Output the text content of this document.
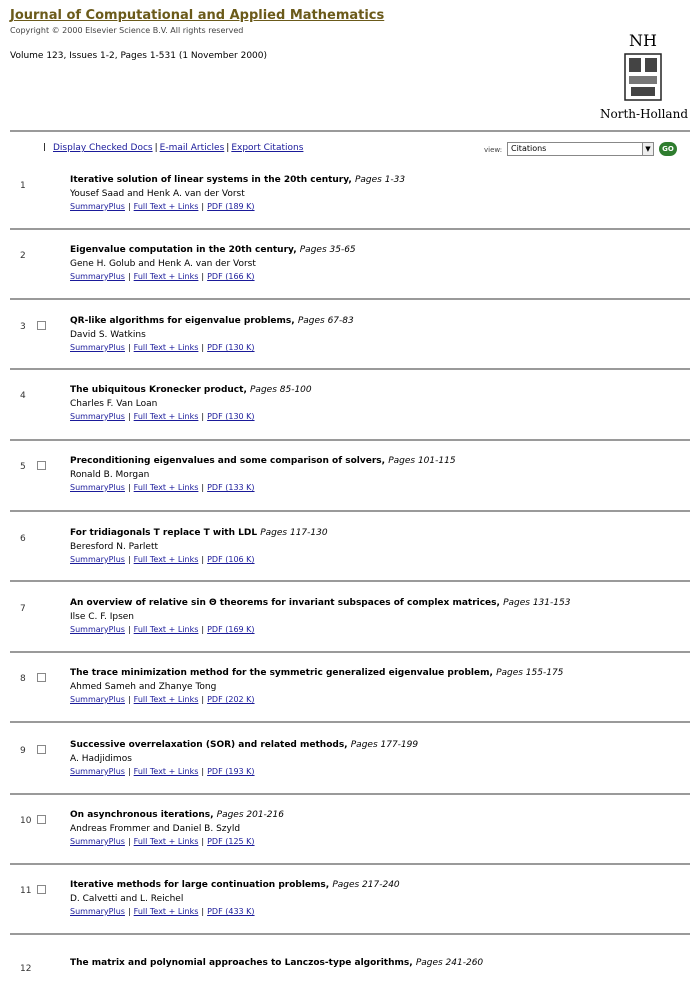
Journal of Computational and Applied Mathematics
Copyright © 2000 Elsevier Science B.V. All rights reserved
Volume 123, Issues 1-2, Pages 1-531 (1 November 2000)
NH
North-Holland
Display Checked Docs | E-mail Articles | Export Citations	view:	Citations	▼	GO
1
Iterative solution of linear systems in the 20th century, Pages 1-33
Yousef Saad and Henk A. van der Vorst
SummaryPlus | Full Text + Links | PDF (189 K)
2
Eigenvalue computation in the 20th century, Pages 35-65
Gene H. Golub and Henk A. van der Vorst
SummaryPlus | Full Text + Links | PDF (166 K)
3
QR-like algorithms for eigenvalue problems, Pages 67-83
David S. Watkins
SummaryPlus | Full Text + Links | PDF (130 K)
4
The ubiquitous Kronecker product, Pages 85-100
Charles F. Van Loan
SummaryPlus | Full Text + Links | PDF (130 K)
5
Preconditioning eigenvalues and some comparison of solvers, Pages 101-115
Ronald B. Morgan
SummaryPlus | Full Text + Links | PDF (133 K)
6
For tridiagonals T replace T with LDL Pages 117-130
Beresford N. Parlett
SummaryPlus | Full Text + Links | PDF (106 K)
7
An overview of relative sin Θ theorems for invariant subspaces of complex matrices, Pages 131-153
Ilse C. F. Ipsen
SummaryPlus | Full Text + Links | PDF (169 K)
8
The trace minimization method for the symmetric generalized eigenvalue problem, Pages 155-175
Ahmed Sameh and Zhanye Tong
SummaryPlus | Full Text + Links | PDF (202 K)
9
Successive overrelaxation (SOR) and related methods, Pages 177-199
A. Hadjidimos
SummaryPlus | Full Text + Links | PDF (193 K)
10
On asynchronous iterations, Pages 201-216
Andreas Frommer and Daniel B. Szyld
SummaryPlus | Full Text + Links | PDF (125 K)
11
Iterative methods for large continuation problems, Pages 217-240
D. Calvetti and L. Reichel
SummaryPlus | Full Text + Links | PDF (433 K)
12
The matrix and polynomial approaches to Lanczos-type algorithms, Pages 241-260
